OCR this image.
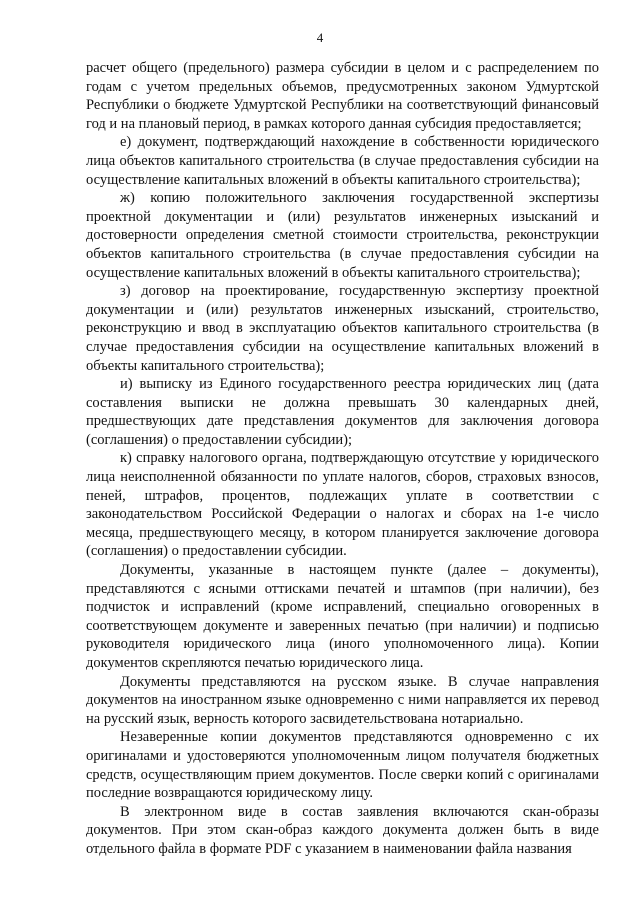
4

расчет общего (предельного) размера субсидии в целом и с распределением по годам с учетом предельных объемов, предусмотренных законом Удмуртской Республики о бюджете Удмуртской Республики на соответствующий финансовый год и на плановый период, в рамках которого данная субсидия предоставляется;

е) документ, подтверждающий нахождение в собственности юридического лица объектов капитального строительства (в случае предоставления субсидии на осуществление капитальных вложений в объекты капитального строительства);

ж) копию положительного заключения государственной экспертизы проектной документации и (или) результатов инженерных изысканий и достоверности определения сметной стоимости строительства, реконструкции объектов капитального строительства (в случае предоставления субсидии на осуществление капитальных вложений в объекты капитального строительства);

з) договор на проектирование, государственную экспертизу проектной документации и (или) результатов инженерных изысканий, строительство, реконструкцию и ввод в эксплуатацию объектов капитального строительства (в случае предоставления субсидии на осуществление капитальных вложений в объекты капитального строительства);

и) выписку из Единого государственного реестра юридических лиц (дата составления выписки не должна превышать 30 календарных дней, предшествующих дате представления документов для заключения договора (соглашения) о предоставлении субсидии);

к) справку налогового органа, подтверждающую отсутствие у юридического лица неисполненной обязанности по уплате налогов, сборов, страховых взносов, пеней, штрафов, процентов, подлежащих уплате в соответствии с законодательством Российской Федерации о налогах и сборах на 1-е число месяца, предшествующего месяцу, в котором планируется заключение договора (соглашения) о предоставлении субсидии.

Документы, указанные в настоящем пункте (далее – документы), представляются с ясными оттисками печатей и штампов (при наличии), без подчисток и исправлений (кроме исправлений, специально оговоренных в соответствующем документе и заверенных печатью (при наличии) и подписью руководителя юридического лица (иного уполномоченного лица). Копии документов скрепляются печатью юридического лица.

Документы представляются на русском языке. В случае направления документов на иностранном языке одновременно с ними направляется их перевод на русский язык, верность которого засвидетельствована нотариально.

Незаверенные копии документов представляются одновременно с их оригиналами и удостоверяются уполномоченным лицом получателя бюджетных средств, осуществляющим прием документов. После сверки копий с оригиналами последние возвращаются юридическому лицу.

В электронном виде в состав заявления включаются скан-образы документов. При этом скан-образ каждого документа должен быть в виде отдельного файла в формате PDF с указанием в наименовании файла названия
